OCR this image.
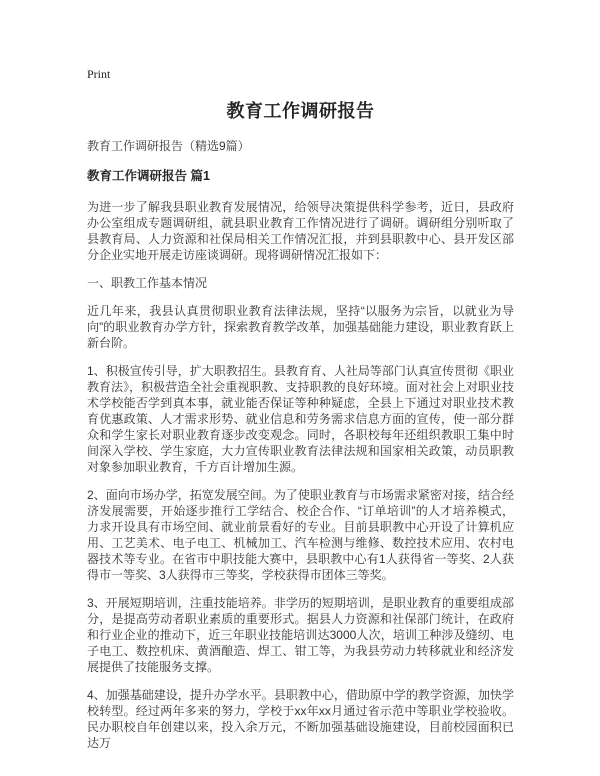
Print
教育工作调研报告

教育工作调研报告（精选9篇）

教育工作调研报告 篇1

为进一步了解我县职业教育发展情况，给领导决策提供科学参考，近日，县政府办公室组成专题调研组，就县职业教育工作情况进行了调研。调研组分别听取了县教育局、人力资源和社保局相关工作情况汇报，并到县职教中心、县开发区部分企业实地开展走访座谈调研。现将调研情况汇报如下：

一、职教工作基本情况

近几年来，我县认真贯彻职业教育法律法规，坚持“以服务为宗旨，以就业为导向”的职业教育办学方针，探索教育教学改革，加强基础能力建设，职业教育跃上新台阶。

1、积极宣传引导，扩大职教招生。县教育育、人社局等部门认真宣传贯彻《职业教育法》，积极营造全社会重视职教、支持职教的良好环境。面对社会上对职业技术学校能否学到真本事，就业能否保证等种种疑虑，全县上下通过对职业技术教育优惠政策、人才需求形势、就业信息和劳务需求信息方面的宣传，使一部分群众和学生家长对职业教育逐步改变观念。同时，各职校每年还组织教职工集中时间深入学校、学生家庭，大力宣传职业教育法律法规和国家相关政策，动员职教对象参加职业教育，千方百计增加生源。

2、面向市场办学，拓宽发展空间。为了使职业教育与市场需求紧密对接，结合经济发展需要，开始逐步推行工学结合、校企合作、“订单培训”的人才培养模式，力求开设具有市场空间、就业前景看好的专业。目前县职教中心开设了计算机应用、工艺美术、电子电工、机械加工、汽车检测与维修、数控技术应用、农村电器技术等专业。在省市中职技能大赛中，县职教中心有1人获得省一等奖、2人获得市一等奖、3人获得市三等奖，学校获得市团体三等奖。

3、开展短期培训，注重技能培养。非学历的短期培训，是职业教育的重要组成部分，是提高劳动者职业素质的重要形式。据县人力资源和社保部门统计，在政府和行业企业的推动下，近三年职业技能培训达3000人次，培训工种涉及缝纫、电子电工、数控机床、黄酒酿造、焊工、钳工等，为我县劳动力转移就业和经济发展提供了技能服务支撑。

4、加强基础建设，提升办学水平。县职教中心，借助原中学的教学资源，加快学校转型。经过两年多来的努力，学校于xx年xx月通过省示范中等职业学校验收。民办职校自年创建以来，投入余万元，不断加强基础设施建设，目前校园面积已达万
